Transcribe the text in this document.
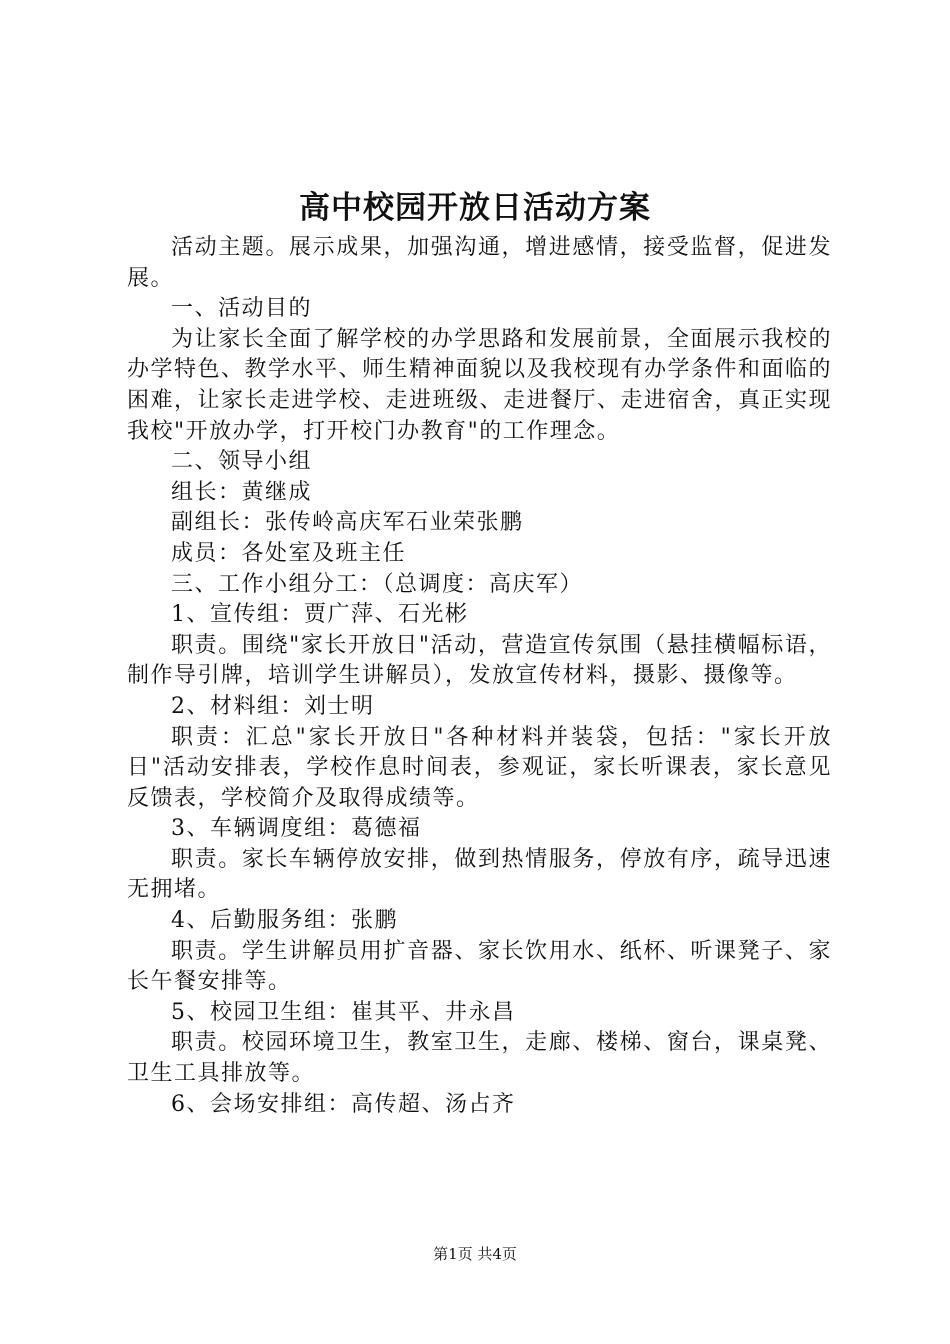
高中校园开放日活动方案

活动主题。展示成果，加强沟通，增进感情，接受监督，促进发展。

一、活动目的

为让家长全面了解学校的办学思路和发展前景，全面展示我校的办学特色、教学水平、师生精神面貌以及我校现有办学条件和面临的困难，让家长走进学校、走进班级、走进餐厅、走进宿舍，真正实现我校"开放办学，打开校门办教育"的工作理念。

二、领导小组

组长：黄继成

副组长：张传岭高庆军石业荣张鹏

成员：各处室及班主任

三、工作小组分工：（总调度：高庆军）

1、宣传组：贾广萍、石光彬

职责。围绕"家长开放日"活动，营造宣传氛围（悬挂横幅标语，制作导引牌，培训学生讲解员），发放宣传材料，摄影、摄像等。

2、材料组：刘士明

职责：汇总"家长开放日"各种材料并装袋，包括："家长开放日"活动安排表，学校作息时间表，参观证，家长听课表，家长意见反馈表，学校简介及取得成绩等。

3、车辆调度组：葛德福

职责。家长车辆停放安排，做到热情服务，停放有序，疏导迅速无拥堵。

4、后勤服务组：张鹏

职责。学生讲解员用扩音器、家长饮用水、纸杯、听课凳子、家长午餐安排等。

5、校园卫生组：崔其平、井永昌

职责。校园环境卫生，教室卫生，走廊、楼梯、窗台，课桌凳、卫生工具排放等。

6、会场安排组：高传超、汤占齐

第1页 共4页
